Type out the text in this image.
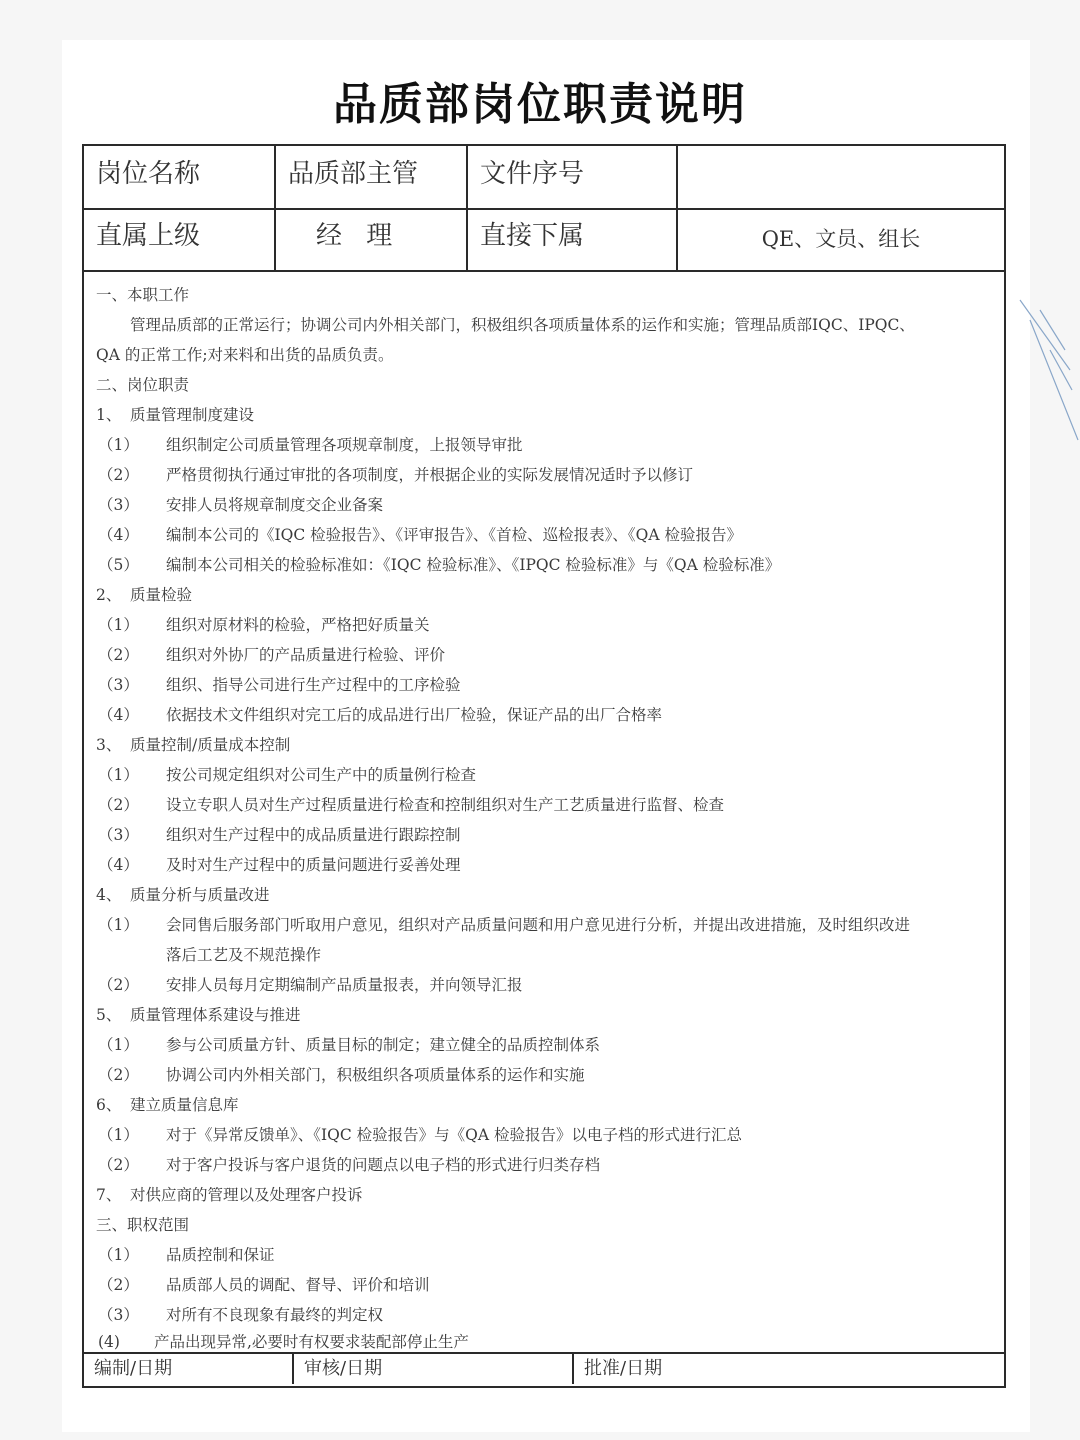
品质部岗位职责说明
岗位名称	品质部主管	文件序号
直属上级	经 理	直接下属	QE、文员、组长
一、本职工作
管理品质部的正常运行；协调公司内外相关部门，积极组织各项质量体系的运作和实施；管理品质部IQC、IPQC、
QA 的正常工作;对来料和出货的品质负责。
二、岗位职责
1、 质量管理制度建设
（1） 组织制定公司质量管理各项规章制度，上报领导审批
（2） 严格贯彻执行通过审批的各项制度，并根据企业的实际发展情况适时予以修订
（3） 安排人员将规章制度交企业备案
（4） 编制本公司的《IQC 检验报告》、《评审报告》、《首检、巡检报表》、《QA 检验报告》
（5） 编制本公司相关的检验标准如：《IQC 检验标准》、《IPQC 检验标准》与《QA 检验标准》
2、 质量检验
（1） 组织对原材料的检验，严格把好质量关
（2） 组织对外协厂的产品质量进行检验、评价
（3） 组织、指导公司进行生产过程中的工序检验
（4） 依据技术文件组织对完工后的成品进行出厂检验，保证产品的出厂合格率
3、 质量控制/质量成本控制
（1） 按公司规定组织对公司生产中的质量例行检查
（2） 设立专职人员对生产过程质量进行检查和控制组织对生产工艺质量进行监督、检查
（3） 组织对生产过程中的成品质量进行跟踪控制
（4） 及时对生产过程中的质量问题进行妥善处理
4、 质量分析与质量改进
（1） 会同售后服务部门听取用户意见，组织对产品质量问题和用户意见进行分析，并提出改进措施，及时组织改进
落后工艺及不规范操作
（2） 安排人员每月定期编制产品质量报表，并向领导汇报
5、 质量管理体系建设与推进
（1） 参与公司质量方针、质量目标的制定；建立健全的品质控制体系
（2） 协调公司内外相关部门，积极组织各项质量体系的运作和实施
6、 建立质量信息库
（1） 对于《异常反馈单》、《IQC 检验报告》与《QA 检验报告》以电子档的形式进行汇总
（2） 对于客户投诉与客户退货的问题点以电子档的形式进行归类存档
7、 对供应商的管理以及处理客户投诉
三、职权范围
（1） 品质控制和保证
（2） 品质部人员的调配、督导、评价和培训
（3） 对所有不良现象有最终的判定权
(4) 产品出现异常,必要时有权要求装配部停止生产
编制/日期	审核/日期	批准/日期
